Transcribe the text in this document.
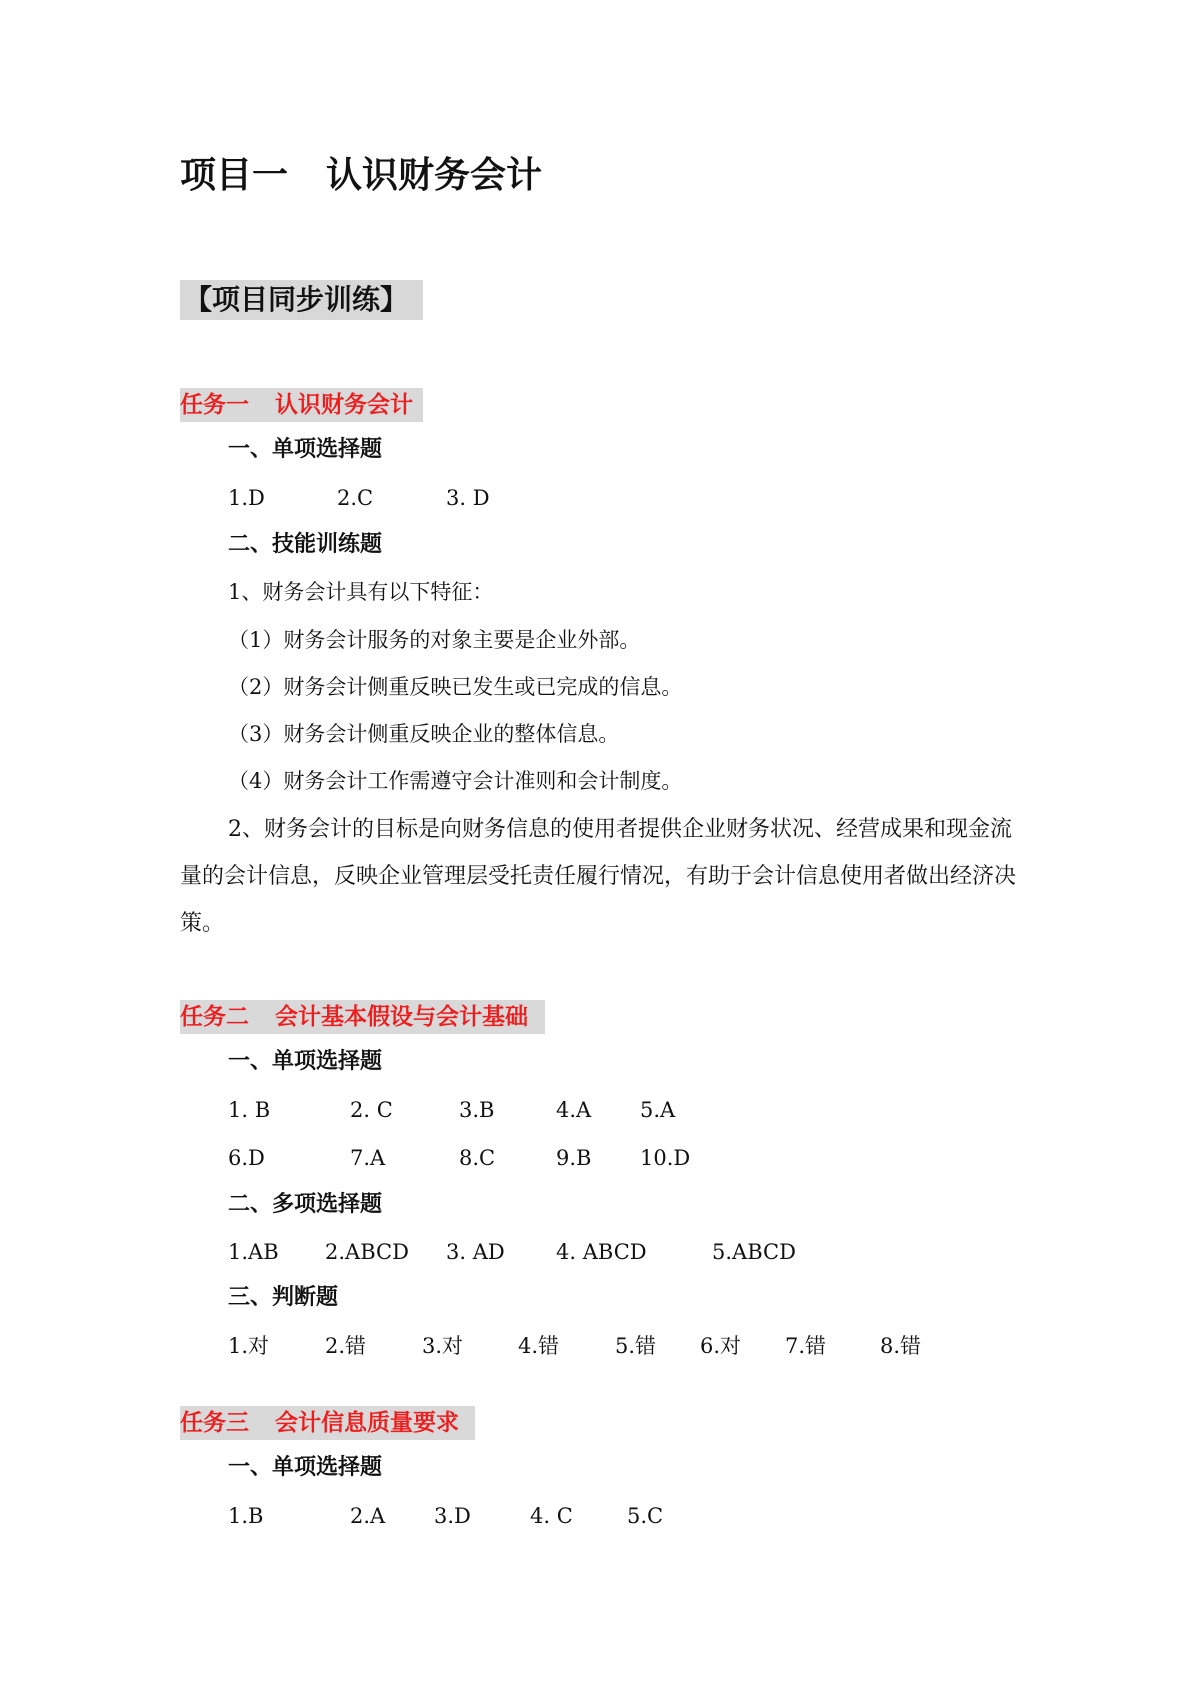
项目一 认识财务会计
【项目同步训练】
任务一 认识财务会计
一、单项选择题
1.D	2.C	3. D
二、技能训练题
1、财务会计具有以下特征：
（1）财务会计服务的对象主要是企业外部。
（2）财务会计侧重反映已发生或已完成的信息。
（3）财务会计侧重反映企业的整体信息。
（4）财务会计工作需遵守会计准则和会计制度。
2、财务会计的目标是向财务信息的使用者提供企业财务状况、经营成果和现金流量的会计信息，反映企业管理层受托责任履行情况，有助于会计信息使用者做出经济决策。
任务二 会计基本假设与会计基础
一、单项选择题
1. B	2. C	3.B	4.A 5.A
6.D	7.A	8.C	9.B 10.D
二、多项选择题
1.AB 2.ABCD 3. AD 4. ABCD	5.ABCD
三、判断题
1.对	2.错	3.对	4.错	5.错 6.对 7.错	8.错
任务三 会计信息质量要求
一、单项选择题
1.B	2.A 3.D	4. C	5.C
